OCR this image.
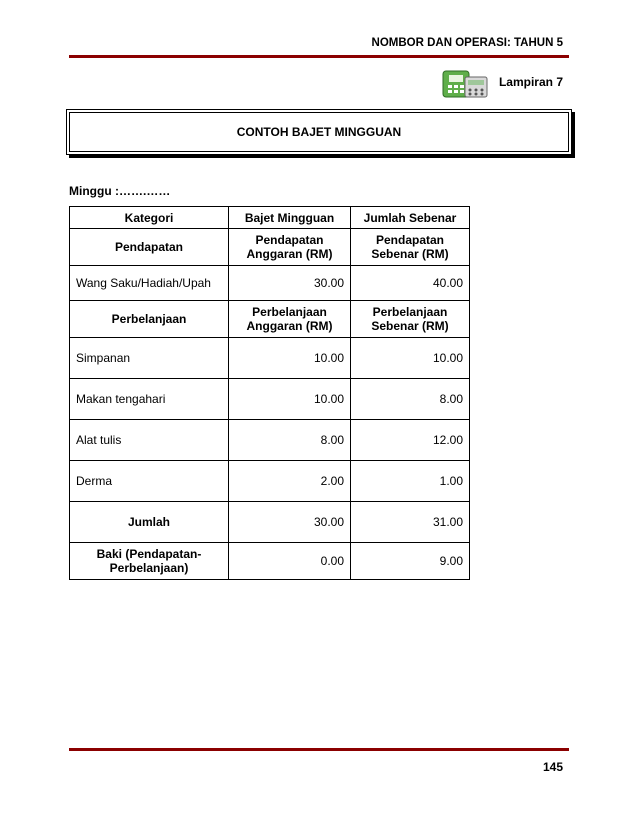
NOMBOR DAN OPERASI: TAHUN 5
Lampiran 7
CONTOH BAJET MINGGUAN
Minggu :…….……
Kategori	Bajet Mingguan	Jumlah Sebenar
Pendapatan	Pendapatan Anggaran (RM)	Pendapatan Sebenar (RM)
Wang Saku/Hadiah/Upah	30.00	40.00
Perbelanjaan	Perbelanjaan Anggaran (RM)	Perbelanjaan Sebenar (RM)
Simpanan	10.00	10.00
Makan tengahari	10.00	8.00
Alat tulis	8.00	12.00
Derma	2.00	1.00
Jumlah	30.00	31.00
Baki (Pendapatan-Perbelanjaan)	0.00	9.00
145
